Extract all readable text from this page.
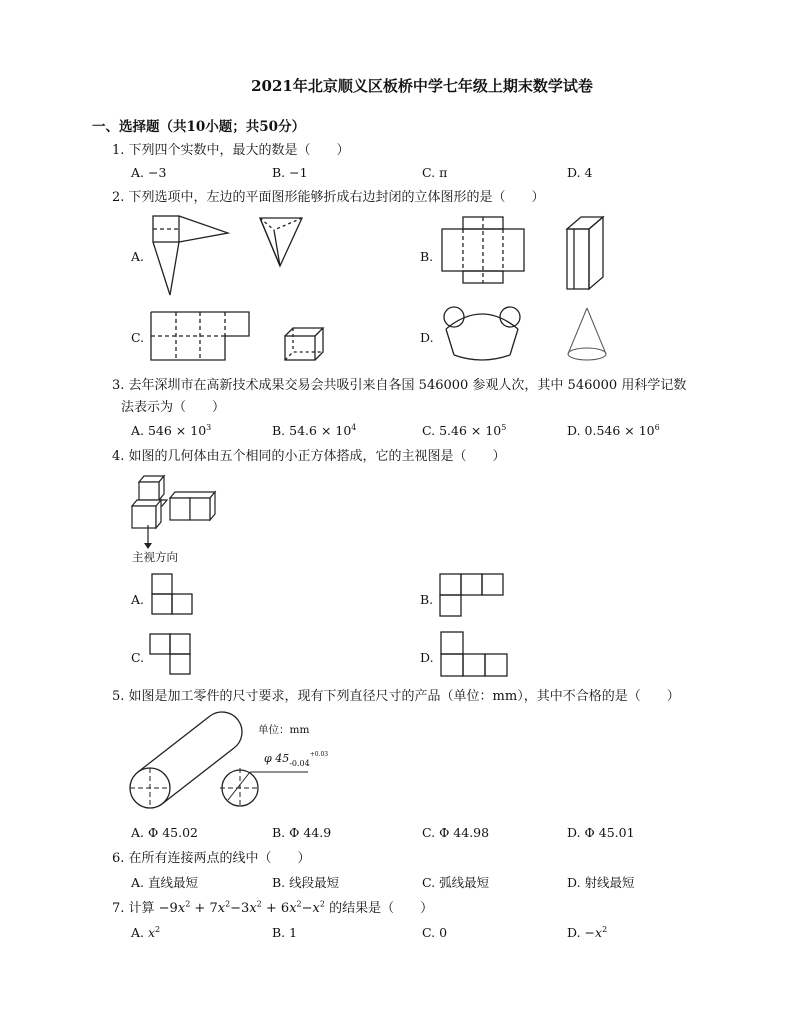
2021年北京顺义区板桥中学七年级上期末数学试卷
一、选择题（共10小题；共50分）
1. 下列四个实数中，最大的数是（　　）
A. −3	B. −1	C. π	D. 4
2. 下列选项中，左边的平面图形能够折成右边封闭的立体图形的是（　　）
A.	B.
C.	D.
3. 去年深圳市在高新技术成果交易会共吸引来自各国 546000 参观人次，其中 546000 用科学记数
法表示为（　　）
A. $546 \times 10^3$	B. $54.6 \times 10^4$	C. $5.46 \times 10^5$	D. $0.546 \times 10^6$
4. 如图的几何体由五个相同的小正方体搭成，它的主视图是（　　）
主视方向
A.	B.
C.	D.
5. 如图是加工零件的尺寸要求，现有下列直径尺寸的产品（单位：mm），其中不合格的是（　　）
单位：mm
φ $45_{-0.04}^{+0.03}$
A. Φ 45.02	B. Φ 44.9	C. Φ 44.98	D. Φ 45.01
6. 在所有连接两点的线中（　　）
A. 直线最短	B. 线段最短	C. 弧线最短	D. 射线最短
7. 计算 $-9x^2 + 7x^2-3x^2 + 6x^2-x^2$ 的结果是（　　）
A. $x^2$	B. 1	C. 0	D. $-x^2$
